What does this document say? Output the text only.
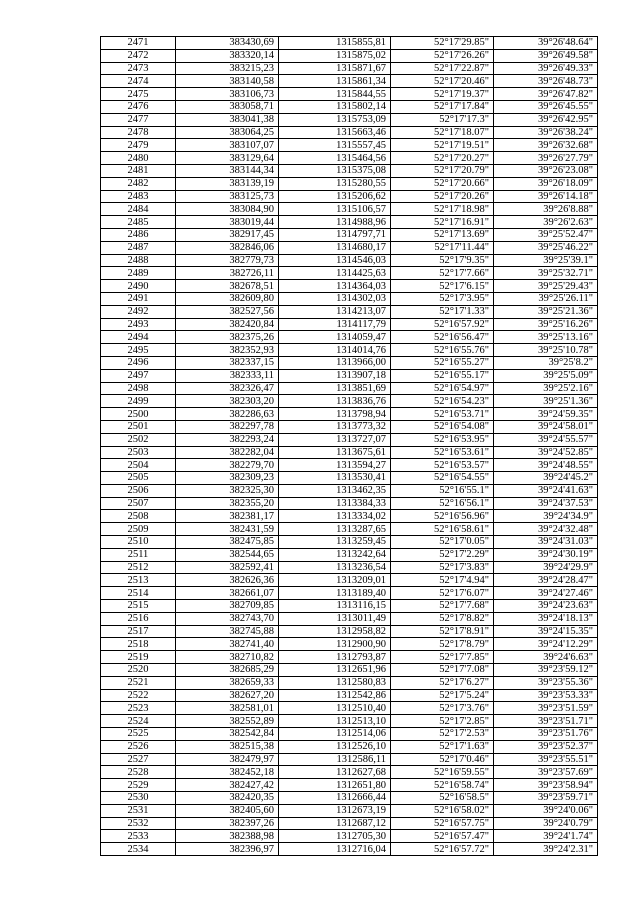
2471	383430,69	1315855,81	52°17'29.85"	39°26'48.64"
2472	383320,14	1315875,02	52°17'26.26"	39°26'49.58"
2473	383215,23	1315871,67	52°17'22.87"	39°26'49.33"
2474	383140,58	1315861,34	52°17'20.46"	39°26'48.73"
2475	383106,73	1315844,55	52°17'19.37"	39°26'47.82"
2476	383058,71	1315802,14	52°17'17.84"	39°26'45.55"
2477	383041,38	1315753,09	52°17'17.3"	39°26'42.95"
2478	383064,25	1315663,46	52°17'18.07"	39°26'38.24"
2479	383107,07	1315557,45	52°17'19.51"	39°26'32.68"
2480	383129,64	1315464,56	52°17'20.27"	39°26'27.79"
2481	383144,34	1315375,08	52°17'20.79"	39°26'23.08"
2482	383139,19	1315280,55	52°17'20.66"	39°26'18.09"
2483	383125,73	1315206,62	52°17'20.26"	39°26'14.18"
2484	383084,90	1315106,57	52°17'18.98"	39°26'8.88"
2485	383019,44	1314988,96	52°17'16.91"	39°26'2.63"
2486	382917,45	1314797,71	52°17'13.69"	39°25'52.47"
2487	382846,06	1314680,17	52°17'11.44"	39°25'46.22"
2488	382779,73	1314546,03	52°17'9.35"	39°25'39.1"
2489	382726,11	1314425,63	52°17'7.66"	39°25'32.71"
2490	382678,51	1314364,03	52°17'6.15"	39°25'29.43"
2491	382609,80	1314302,03	52°17'3.95"	39°25'26.11"
2492	382527,56	1314213,07	52°17'1.33"	39°25'21.36"
2493	382420,84	1314117,79	52°16'57.92"	39°25'16.26"
2494	382375,26	1314059,47	52°16'56.47"	39°25'13.16"
2495	382352,93	1314014,76	52°16'55.76"	39°25'10.78"
2496	382337,15	1313966,00	52°16'55.27"	39°25'8.2"
2497	382333,11	1313907,18	52°16'55.17"	39°25'5.09"
2498	382326,47	1313851,69	52°16'54.97"	39°25'2.16"
2499	382303,20	1313836,76	52°16'54.23"	39°25'1.36"
2500	382286,63	1313798,94	52°16'53.71"	39°24'59.35"
2501	382297,78	1313773,32	52°16'54.08"	39°24'58.01"
2502	382293,24	1313727,07	52°16'53.95"	39°24'55.57"
2503	382282,04	1313675,61	52°16'53.61"	39°24'52.85"
2504	382279,70	1313594,27	52°16'53.57"	39°24'48.55"
2505	382309,23	1313530,41	52°16'54.55"	39°24'45.2"
2506	382325,30	1313462,35	52°16'55.1"	39°24'41.63"
2507	382355,20	1313384,33	52°16'56.1"	39°24'37.53"
2508	382381,17	1313334,02	52°16'56.96"	39°24'34.9"
2509	382431,59	1313287,65	52°16'58.61"	39°24'32.48"
2510	382475,85	1313259,45	52°17'0.05"	39°24'31.03"
2511	382544,65	1313242,64	52°17'2.29"	39°24'30.19"
2512	382592,41	1313236,54	52°17'3.83"	39°24'29.9"
2513	382626,36	1313209,01	52°17'4.94"	39°24'28.47"
2514	382661,07	1313189,40	52°17'6.07"	39°24'27.46"
2515	382709,85	1313116,15	52°17'7.68"	39°24'23.63"
2516	382743,70	1313011,49	52°17'8.82"	39°24'18.13"
2517	382745,88	1312958,82	52°17'8.91"	39°24'15.35"
2518	382741,40	1312900,90	52°17'8.79"	39°24'12.29"
2519	382710,82	1312793,87	52°17'7.85"	39°24'6.63"
2520	382685,29	1312651,96	52°17'7.08"	39°23'59.12"
2521	382659,33	1312580,83	52°17'6.27"	39°23'55.36"
2522	382627,20	1312542,86	52°17'5.24"	39°23'53.33"
2523	382581,01	1312510,40	52°17'3.76"	39°23'51.59"
2524	382552,89	1312513,10	52°17'2.85"	39°23'51.71"
2525	382542,84	1312514,06	52°17'2.53"	39°23'51.76"
2526	382515,38	1312526,10	52°17'1.63"	39°23'52.37"
2527	382479,97	1312586,11	52°17'0.46"	39°23'55.51"
2528	382452,18	1312627,68	52°16'59.55"	39°23'57.69"
2529	382427,42	1312651,80	52°16'58.74"	39°23'58.94"
2530	382420,35	1312666,44	52°16'58.5"	39°23'59.71"
2531	382405,60	1312673,19	52°16'58.02"	39°24'0.06"
2532	382397,26	1312687,12	52°16'57.75"	39°24'0.79"
2533	382388,98	1312705,30	52°16'57.47"	39°24'1.74"
2534	382396,97	1312716,04	52°16'57.72"	39°24'2.31"
